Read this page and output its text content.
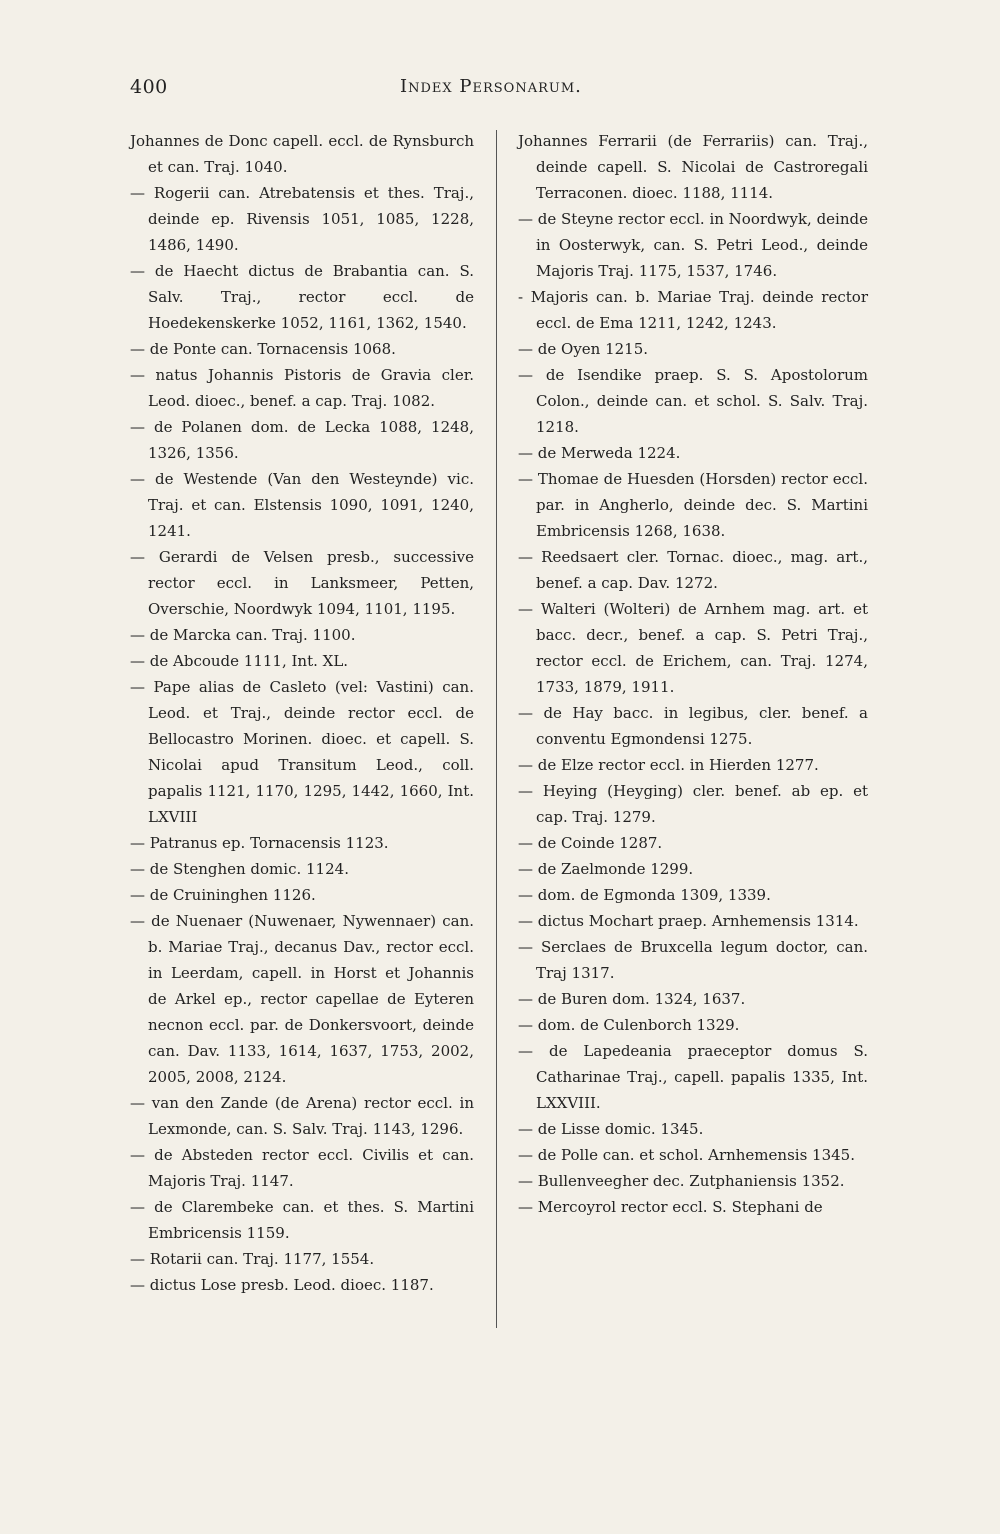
400	Index Personarum.

Johannes de Donc capell. eccl. de Rynsburch et can. Traj. 1040.

— Rogerii can. Atrebatensis et thes. Traj., deinde ep. Rivensis 1051, 1085, 1228, 1486, 1490.

— de Haecht dictus de Brabantia can. S. Salv. Traj., rector eccl. de Hoedekenskerke 1052, 1161, 1362, 1540.

— de Ponte can. Tornacensis 1068.

— natus Johannis Pistoris de Gravia cler. Leod. dioec., benef. a cap. Traj. 1082.

— de Polanen dom. de Lecka 1088, 1248, 1326, 1356.

— de Westende (Van den Westeynde) vic. Traj. et can. Elstensis 1090, 1091, 1240, 1241.

— Gerardi de Velsen presb., successive rector eccl. in Lanksmeer, Petten, Overschie, Noordwyk 1094, 1101, 1195.

— de Marcka can. Traj. 1100.

— de Abcoude 1111, Int. XL.

— Pape alias de Casleto (vel: Vastini) can. Leod. et Traj., deinde rector eccl. de Bellocastro Morinen. dioec. et capell. S. Nicolai apud Transitum Leod., coll. papalis 1121, 1170, 1295, 1442, 1660, Int. LXVIII

— Patranus ep. Tornacensis 1123.

— de Stenghen domic. 1124.

— de Cruininghen 1126.

— de Nuenaer (Nuwenaer, Nywennaer) can. b. Mariae Traj., decanus Dav., rector eccl. in Leerdam, capell. in Horst et Johannis de Arkel ep., rector capellae de Eyteren necnon eccl. par. de Donkersvoort, deinde can. Dav. 1133, 1614, 1637, 1753, 2002, 2005, 2008, 2124.

— van den Zande (de Arena) rector eccl. in Lexmonde, can. S. Salv. Traj. 1143, 1296.

— de Absteden rector eccl. Civilis et can. Majoris Traj. 1147.

— de Clarembeke can. et thes. S. Martini Embricensis 1159.

— Rotarii can. Traj. 1177, 1554.

— dictus Lose presb. Leod. dioec. 1187.

Johannes Ferrarii (de Ferrariis) can. Traj., deinde capell. S. Nicolai de Castroregali Terraconen. dioec. 1188, 1114.

— de Steyne rector eccl. in Noordwyk, deinde in Oosterwyk, can. S. Petri Leod., deinde Majoris Traj. 1175, 1537, 1746.

- Majoris can. b. Mariae Traj. deinde rector eccl. de Ema 1211, 1242, 1243.

— de Oyen 1215.

— de Isendike praep. S. S. Apostolorum Colon., deinde can. et schol. S. Salv. Traj. 1218.

— de Merweda 1224.

— Thomae de Huesden (Horsden) rector eccl. par. in Angherlo, deinde dec. S. Martini Embricensis 1268, 1638.

— Reedsaert cler. Tornac. dioec., mag. art., benef. a cap. Dav. 1272.

— Walteri (Wolteri) de Arnhem mag. art. et bacc. decr., benef. a cap. S. Petri Traj., rector eccl. de Erichem, can. Traj. 1274, 1733, 1879, 1911.

— de Hay bacc. in legibus, cler. benef. a conventu Egmondensi 1275.

— de Elze rector eccl. in Hierden 1277.

— Heying (Heyging) cler. benef. ab ep. et cap. Traj. 1279.

— de Coinde 1287.

— de Zaelmonde 1299.

— dom. de Egmonda 1309, 1339.

— dictus Mochart praep. Arnhemensis 1314.

— Serclaes de Bruxcella legum doctor, can. Traj 1317.

— de Buren dom. 1324, 1637.

— dom. de Culenborch 1329.

— de Lapedeania praeceptor domus S. Catharinae Traj., capell. papalis 1335, Int. LXXVIII.

— de Lisse domic. 1345.

— de Polle can. et schol. Arnhemensis 1345.

— Bullenveegher dec. Zutphaniensis 1352.

— Mercoyrol rector eccl. S. Stephani de
